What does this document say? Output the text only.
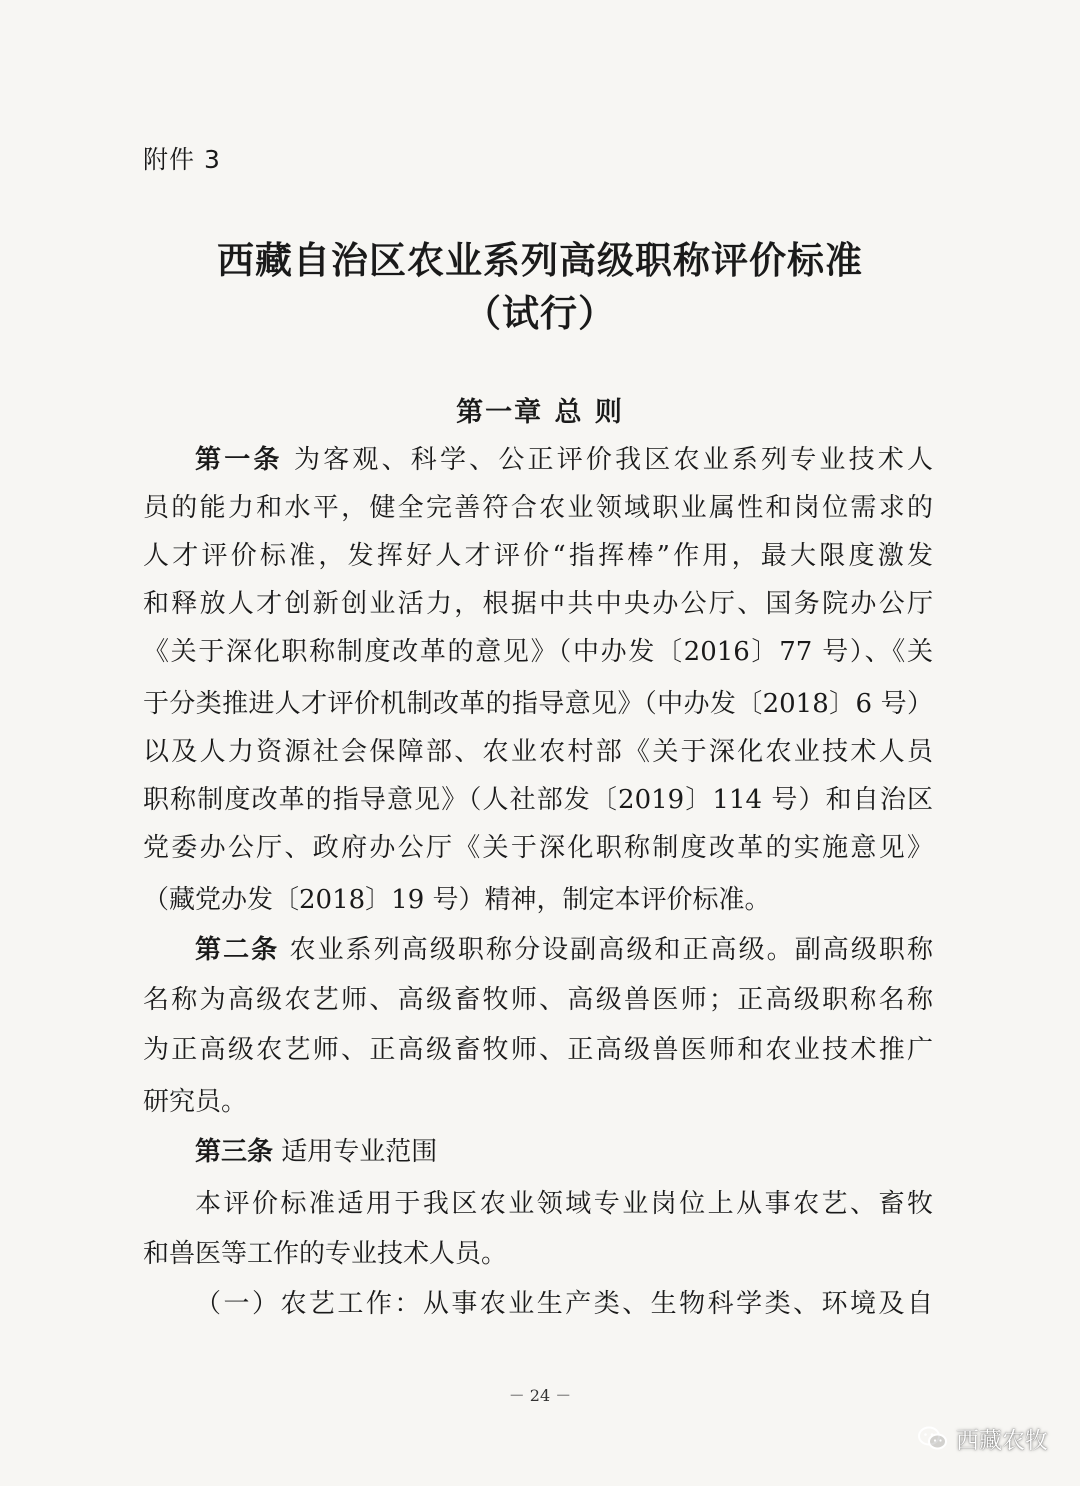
附件 3
西藏自治区农业系列高级职称评价标准
（试行）
第一章 总 则
第一条 为客观、科学、公正评价我区农业系列专业技术人
员的能力和水平，健全完善符合农业领域职业属性和岗位需求的
人才评价标准，发挥好人才评价“指挥棒”作用，最大限度激发
和释放人才创新创业活力，根据中共中央办公厅、国务院办公厅
《关于深化职称制度改革的意见》（中办发〔2016〕77 号）、《关
于分类推进人才评价机制改革的指导意见》（中办发〔2018〕6 号）
以及人力资源社会保障部、农业农村部《关于深化农业技术人员
职称制度改革的指导意见》（人社部发〔2019〕114 号）和自治区
党委办公厅、政府办公厅《关于深化职称制度改革的实施意见》
（藏党办发〔2018〕19 号）精神，制定本评价标准。
第二条 农业系列高级职称分设副高级和正高级。副高级职称
名称为高级农艺师、高级畜牧师、高级兽医师；正高级职称名称
为正高级农艺师、正高级畜牧师、正高级兽医师和农业技术推广
研究员。
第三条 适用专业范围
本评价标准适用于我区农业领域专业岗位上从事农艺、畜牧
和兽医等工作的专业技术人员。
（一）农艺工作：从事农业生产类、生物科学类、环境及自
－ 24 －
西藏农牧
